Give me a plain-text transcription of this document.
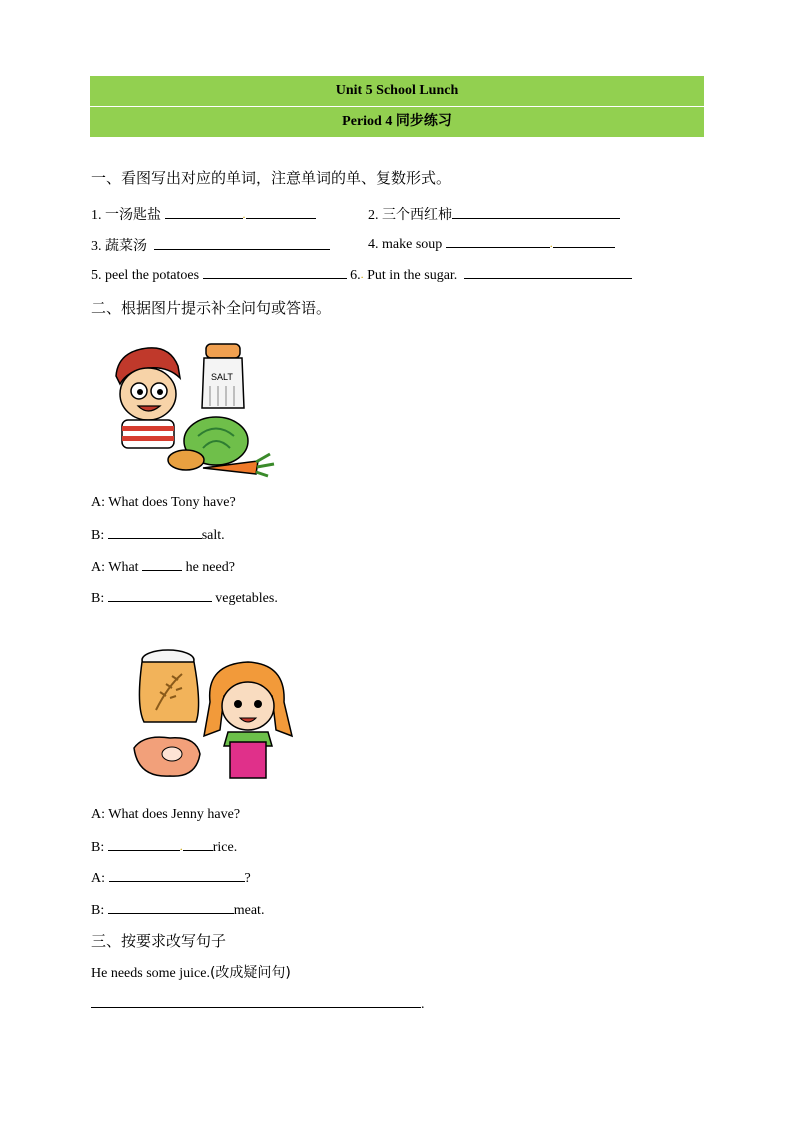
Unit 5 School Lunch
Period 4 同步练习
一、看图写出对应的单词，注意单词的单、复数形式。
1. 一汤匙盐	.	2. 三个西红柿
3. 蔬菜汤	4. make soup	.
5. peel the potatoes	6.. Put in the sugar.
二、根据图片提示补全问句或答语。
SALT
A: What does Tony have?
B:	salt.
A: What	he need?
B:	vegetables.
A: What does Jenny have?
B:	. rice.
A:	?
B:	meat.
三、按要求改写句子
He needs some juice.(改成疑问句)
.
